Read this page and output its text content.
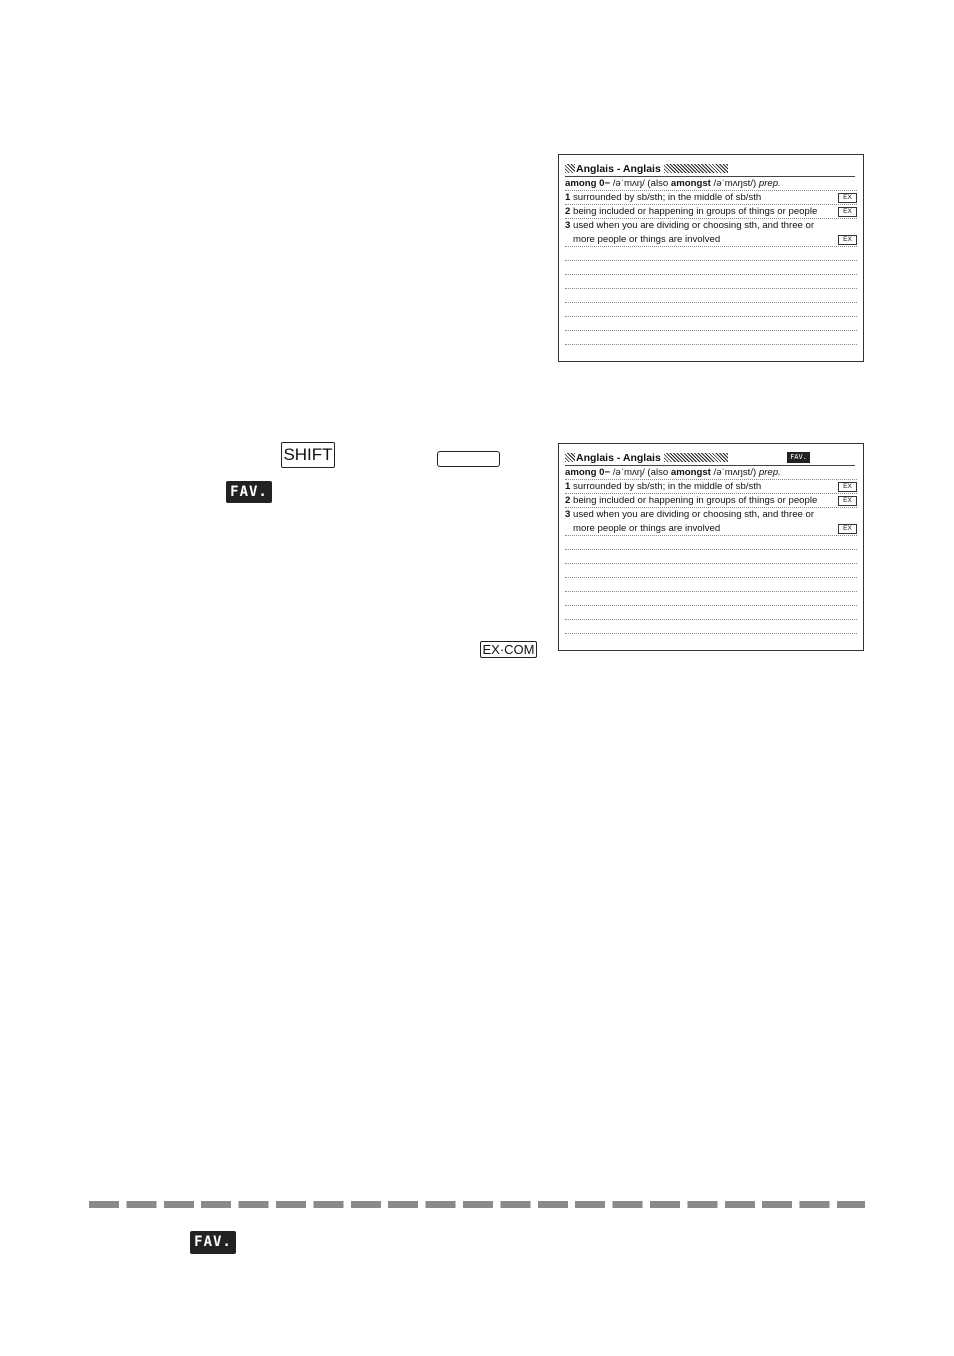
Anglais - Anglais
among 0− /əˈmʌŋ/ (also amongst /əˈmʌŋst/) prep.
1 surrounded by sb/sth; in the middle of sb/sth	EX
2 being included or happening in groups of things or people	EX
3 used when you are dividing or choosing sth, and three or
more people or things are involved	EX
SHIFT
FAV.
EX·COM
Anglais - Anglais	FAV.
among 0− /əˈmʌŋ/ (also amongst /əˈmʌŋst/) prep.
1 surrounded by sb/sth; in the middle of sb/sth	EX
2 being included or happening in groups of things or people	EX
3 used when you are dividing or choosing sth, and three or
more people or things are involved	EX
FAV.
